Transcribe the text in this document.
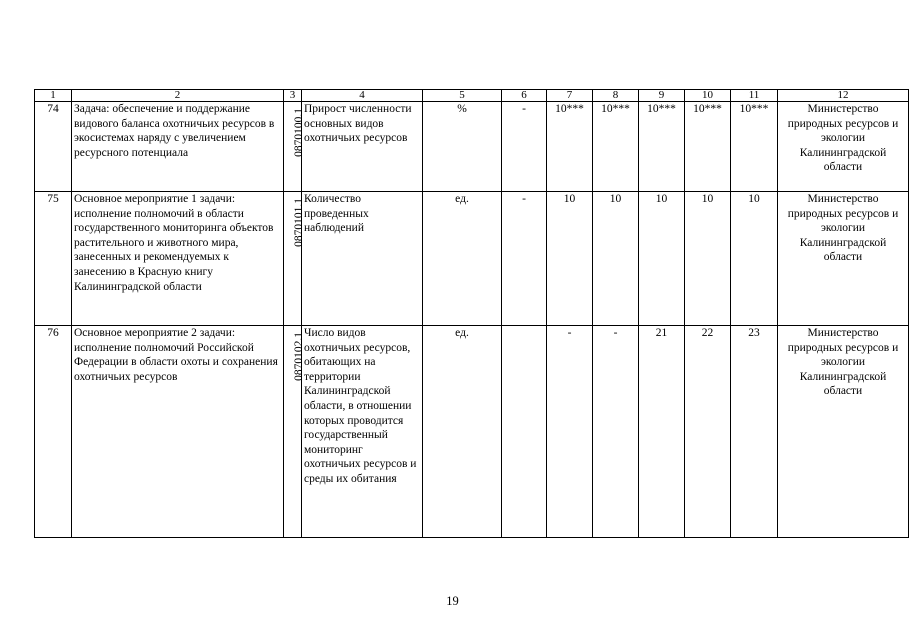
1	2	3	4	5	6	7	8	9	10	11	12
74	Задача: обеспечение и поддержание видового баланса охотничьих ресурсов в экосистемах наряду с увеличением ресурсного потенциала	0870100.1	Прирост численности основных видов охотничьих ресурсов	%	-	10***	10***	10***	10***	10***	Министерство природных ресурсов и экологии Калининградской области
75	Основное мероприятие 1 задачи: исполнение полномочий в области государственного мониторинга объектов растительного и животного мира, занесенных и рекомендуемых к занесению в Красную книгу Калининградской области	0870101.1	Количество проведенных наблюдений	ед.	-	10	10	10	10	10	Министерство природных ресурсов и экологии Калининградской области
76	Основное мероприятие 2 задачи: исполнение полномочий Российской Федерации в области охоты и сохранения охотничьих ресурсов	0870102.1	Число видов охотничьих ресурсов, обитающих на территории Калининградской области, в отношении которых проводится государственный мониторинг охотничьих ресурсов и среды их обитания	ед.		-	-	21	22	23	Министерство природных ресурсов и экологии Калининградской области
19
